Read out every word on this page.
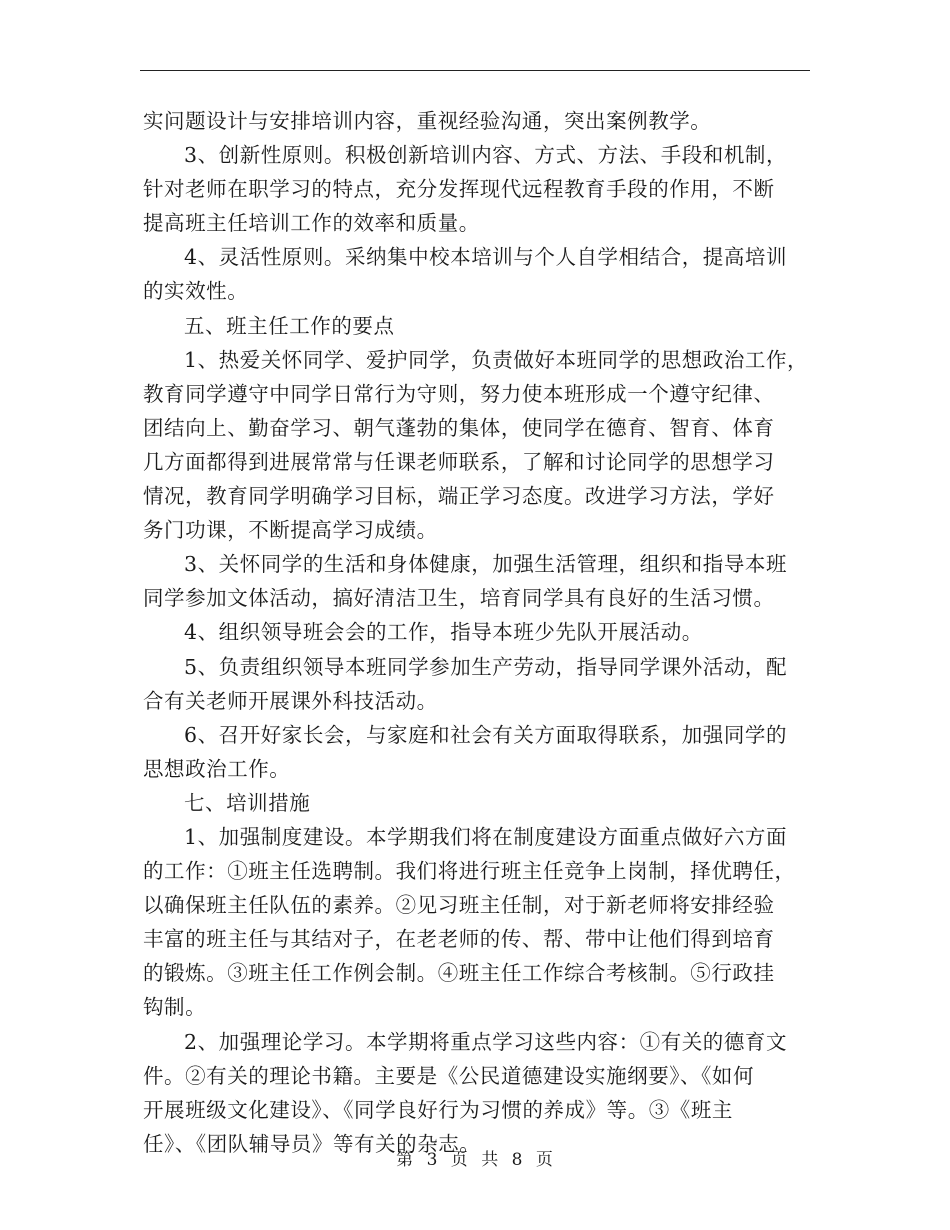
实问题设计与安排培训内容，重视经验沟通，突出案例教学。
3、创新性原则。积极创新培训内容、方式、方法、手段和机制，
针对老师在职学习的特点，充分发挥现代远程教育手段的作用，不断
提高班主任培训工作的效率和质量。
4、灵活性原则。采纳集中校本培训与个人自学相结合，提高培训
的实效性。
五、班主任工作的要点
1、热爱关怀同学、爱护同学，负责做好本班同学的思想政治工作，
教育同学遵守中同学日常行为守则，努力使本班形成一个遵守纪律、
团结向上、勤奋学习、朝气蓬勃的集体，使同学在德育、智育、体育
几方面都得到进展常常与任课老师联系，了解和讨论同学的思想学习
情况，教育同学明确学习目标，端正学习态度。改进学习方法，学好
务门功课，不断提高学习成绩。
3、关怀同学的生活和身体健康，加强生活管理，组织和指导本班
同学参加文体活动，搞好清洁卫生，培育同学具有良好的生活习惯。
4、组织领导班会会的工作，指导本班少先队开展活动。
5、负责组织领导本班同学参加生产劳动，指导同学课外活动，配
合有关老师开展课外科技活动。
6、召开好家长会，与家庭和社会有关方面取得联系，加强同学的
思想政治工作。
七、培训措施
1、加强制度建设。本学期我们将在制度建设方面重点做好六方面
的工作：①班主任选聘制。我们将进行班主任竞争上岗制，择优聘任，
以确保班主任队伍的素养。②见习班主任制，对于新老师将安排经验
丰富的班主任与其结对子，在老老师的传、帮、带中让他们得到培育
的锻炼。③班主任工作例会制。④班主任工作综合考核制。⑤行政挂
钩制。
2、加强理论学习。本学期将重点学习这些内容：①有关的德育文
件。②有关的理论书籍。主要是《公民道德建设实施纲要》、《如何
开展班级文化建设》、《同学良好行为习惯的养成》等。③《班主
任》、《团队辅导员》等有关的杂志。
第 3 页 共 8 页
